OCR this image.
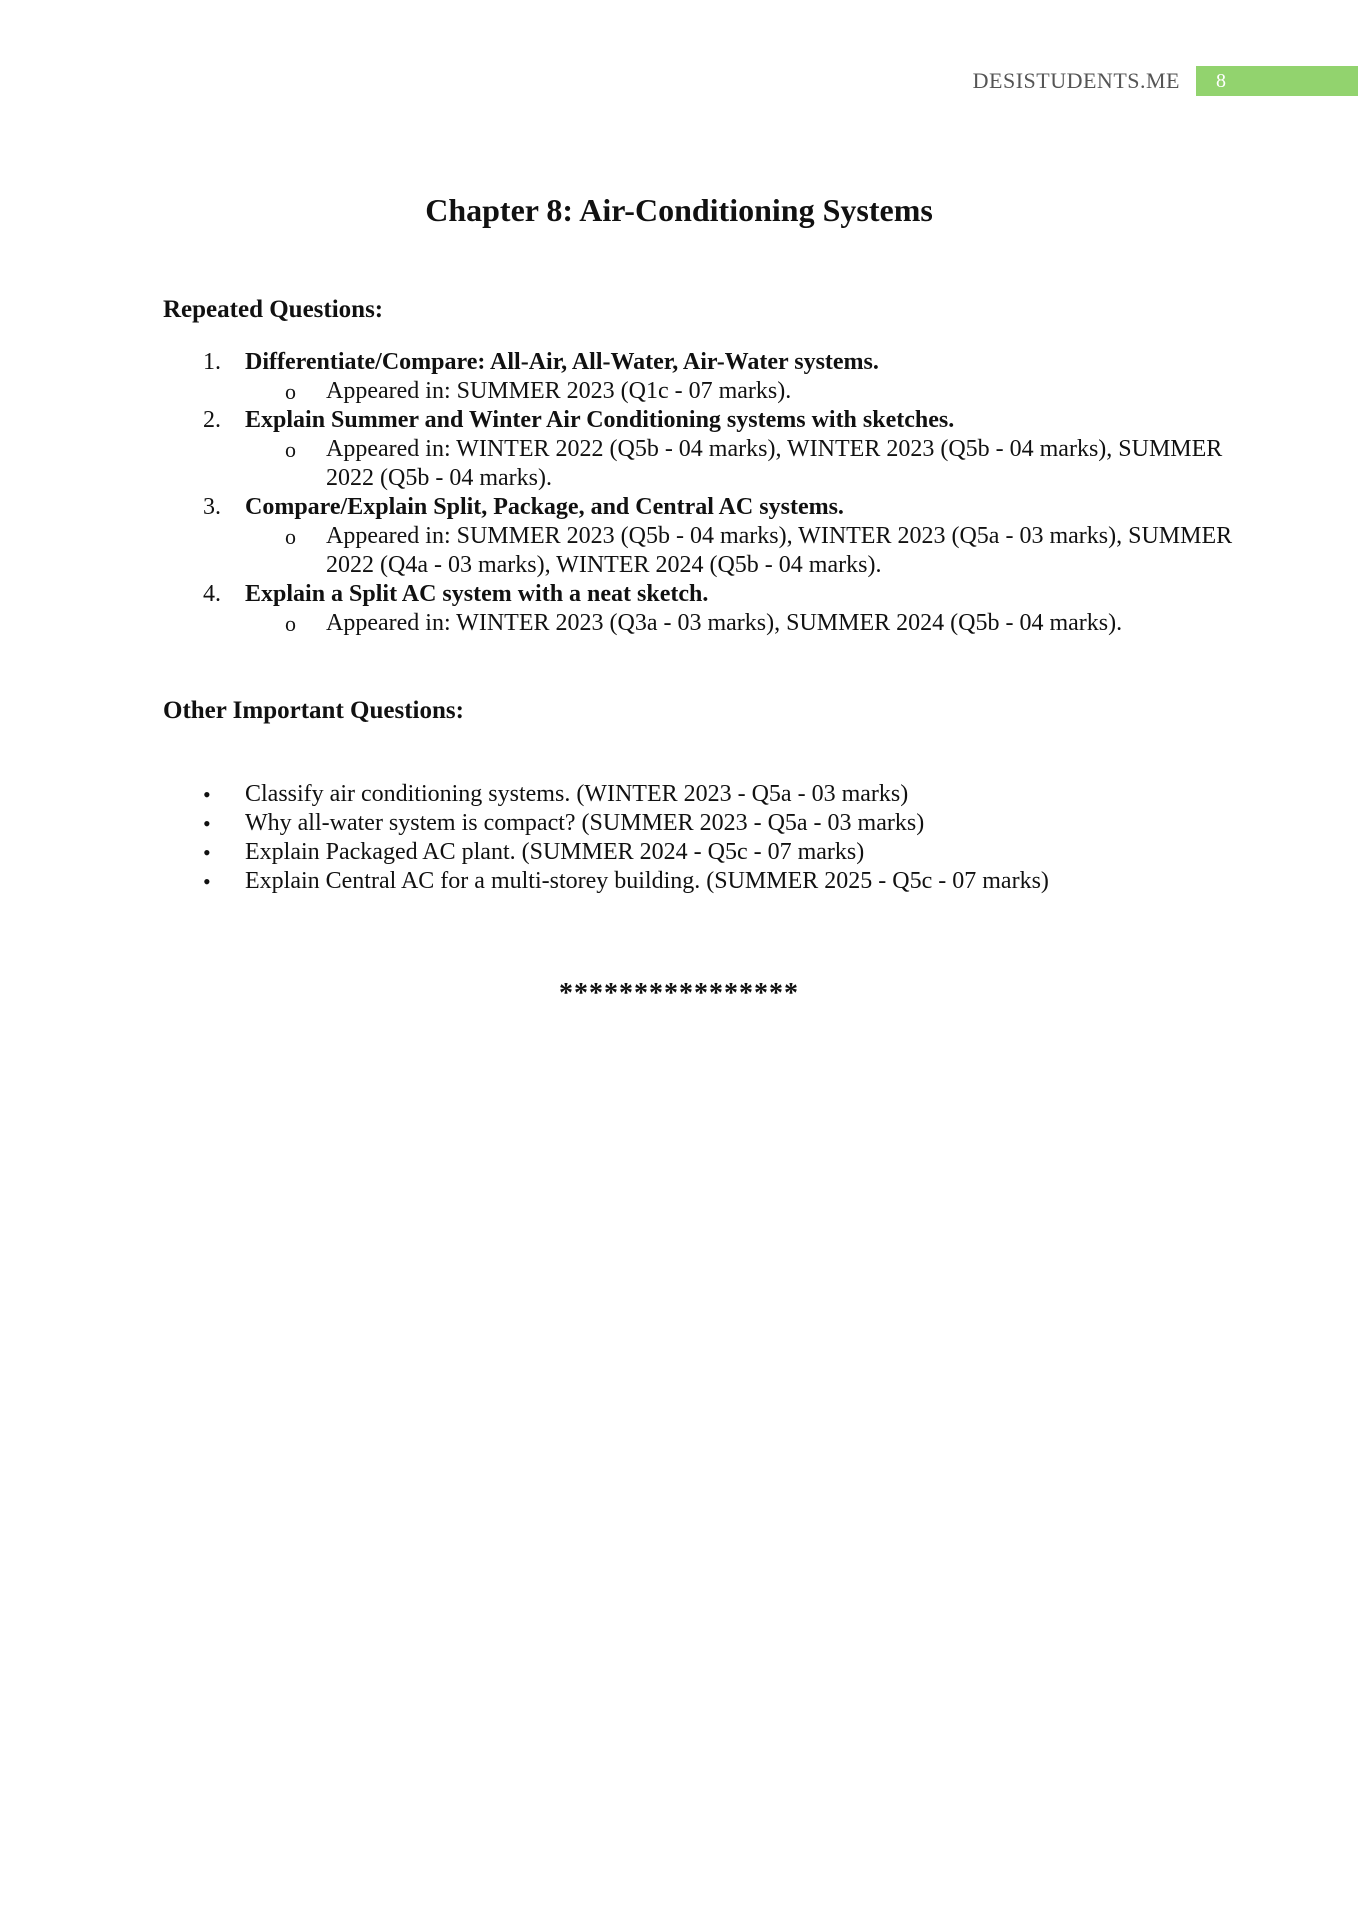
DESISTUDENTS.ME	8
Chapter 8: Air-Conditioning Systems
Repeated Questions:
1.	Differentiate/Compare: All-Air, All-Water, Air-Water systems.
o Appeared in: SUMMER 2023 (Q1c - 07 marks).
2.	Explain Summer and Winter Air Conditioning systems with sketches.
o Appeared in: WINTER 2022 (Q5b - 04 marks), WINTER 2023 (Q5b - 04 marks), SUMMER 2022 (Q5b - 04 marks).
3.	Compare/Explain Split, Package, and Central AC systems.
o Appeared in: SUMMER 2023 (Q5b - 04 marks), WINTER 2023 (Q5a - 03 marks), SUMMER 2022 (Q4a - 03 marks), WINTER 2024 (Q5b - 04 marks).
4.	Explain a Split AC system with a neat sketch.
o Appeared in: WINTER 2023 (Q3a - 03 marks), SUMMER 2024 (Q5b - 04 marks).
Other Important Questions:
• Classify air conditioning systems. (WINTER 2023 - Q5a - 03 marks)
• Why all-water system is compact? (SUMMER 2023 - Q5a - 03 marks)
• Explain Packaged AC plant. (SUMMER 2024 - Q5c - 07 marks)
• Explain Central AC for a multi-storey building. (SUMMER 2025 - Q5c - 07 marks)
****************
